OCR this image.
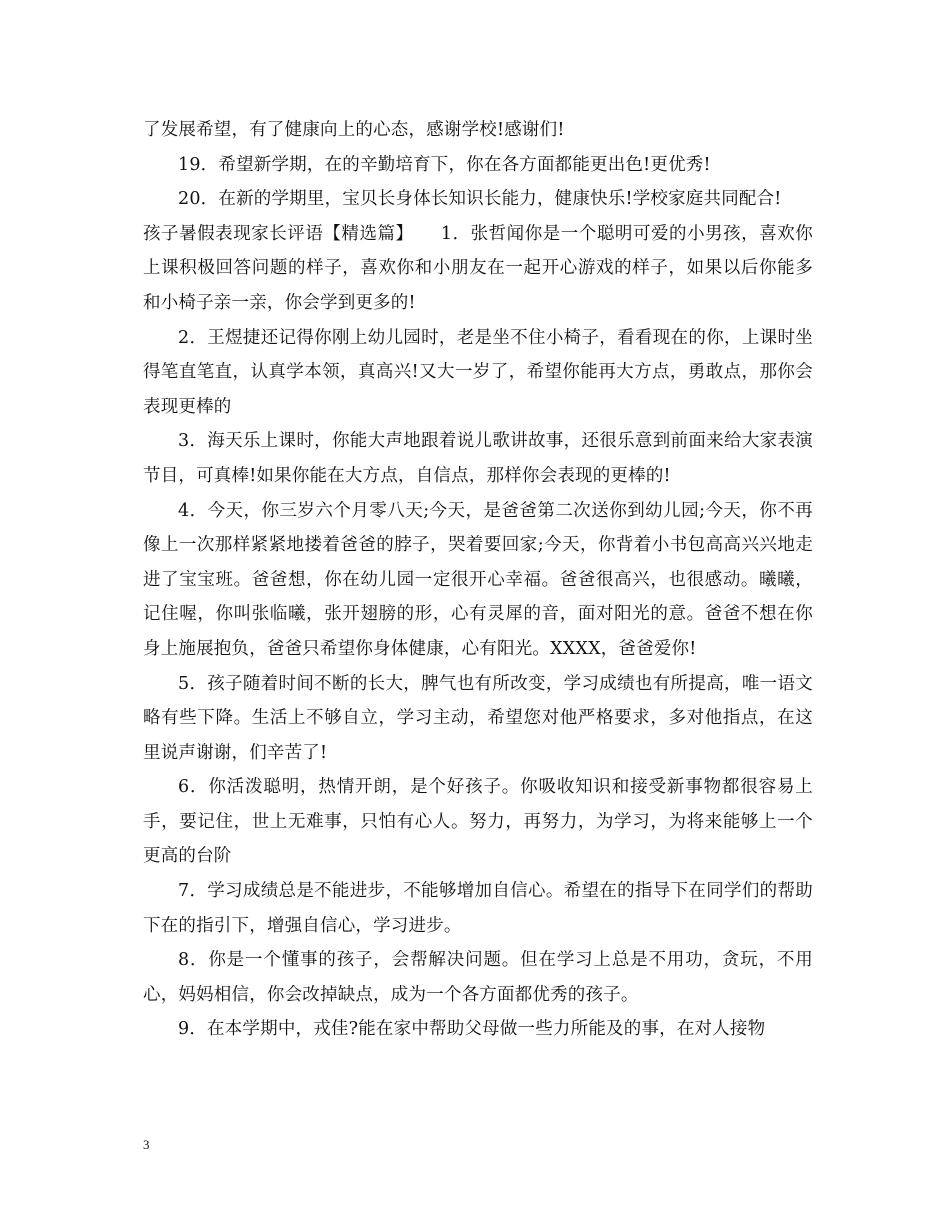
了发展希望，有了健康向上的心态，感谢学校!感谢们!

19．希望新学期，在的辛勤培育下，你在各方面都能更出色!更优秀!

20．在新的学期里，宝贝长身体长知识长能力，健康快乐!学校家庭共同配合!

孩子暑假表现家长评语【精选篇】　　1．张哲闻你是一个聪明可爱的小男孩，喜欢你上课积极回答问题的样子，喜欢你和小朋友在一起开心游戏的样子，如果以后你能多和小椅子亲一亲，你会学到更多的!

2．王煜捷还记得你刚上幼儿园时，老是坐不住小椅子，看看现在的你，上课时坐得笔直笔直，认真学本领，真高兴!又大一岁了，希望你能再大方点，勇敢点，那你会表现更棒的

3．海天乐上课时，你能大声地跟着说儿歌讲故事，还很乐意到前面来给大家表演节目，可真棒!如果你能在大方点，自信点，那样你会表现的更棒的!

4．今天，你三岁六个月零八天;今天，是爸爸第二次送你到幼儿园;今天，你不再像上一次那样紧紧地搂着爸爸的脖子，哭着要回家;今天，你背着小书包高高兴兴地走进了宝宝班。爸爸想，你在幼儿园一定很开心幸福。爸爸很高兴，也很感动。曦曦，记住喔，你叫张临曦，张开翅膀的形，心有灵犀的音，面对阳光的意。爸爸不想在你身上施展抱负，爸爸只希望你身体健康，心有阳光。XXXX，爸爸爱你!

5．孩子随着时间不断的长大，脾气也有所改变，学习成绩也有所提高，唯一语文略有些下降。生活上不够自立，学习主动，希望您对他严格要求，多对他指点，在这里说声谢谢，们辛苦了!

6．你活泼聪明，热情开朗，是个好孩子。你吸收知识和接受新事物都很容易上手，要记住，世上无难事，只怕有心人。努力，再努力，为学习，为将来能够上一个更高的台阶

7．学习成绩总是不能进步，不能够增加自信心。希望在的指导下在同学们的帮助下在的指引下，增强自信心，学习进步。

8．你是一个懂事的孩子，会帮解决问题。但在学习上总是不用功，贪玩，不用心，妈妈相信，你会改掉缺点，成为一个各方面都优秀的孩子。

9．在本学期中，戎佳?能在家中帮助父母做一些力所能及的事，在对人接物

3
